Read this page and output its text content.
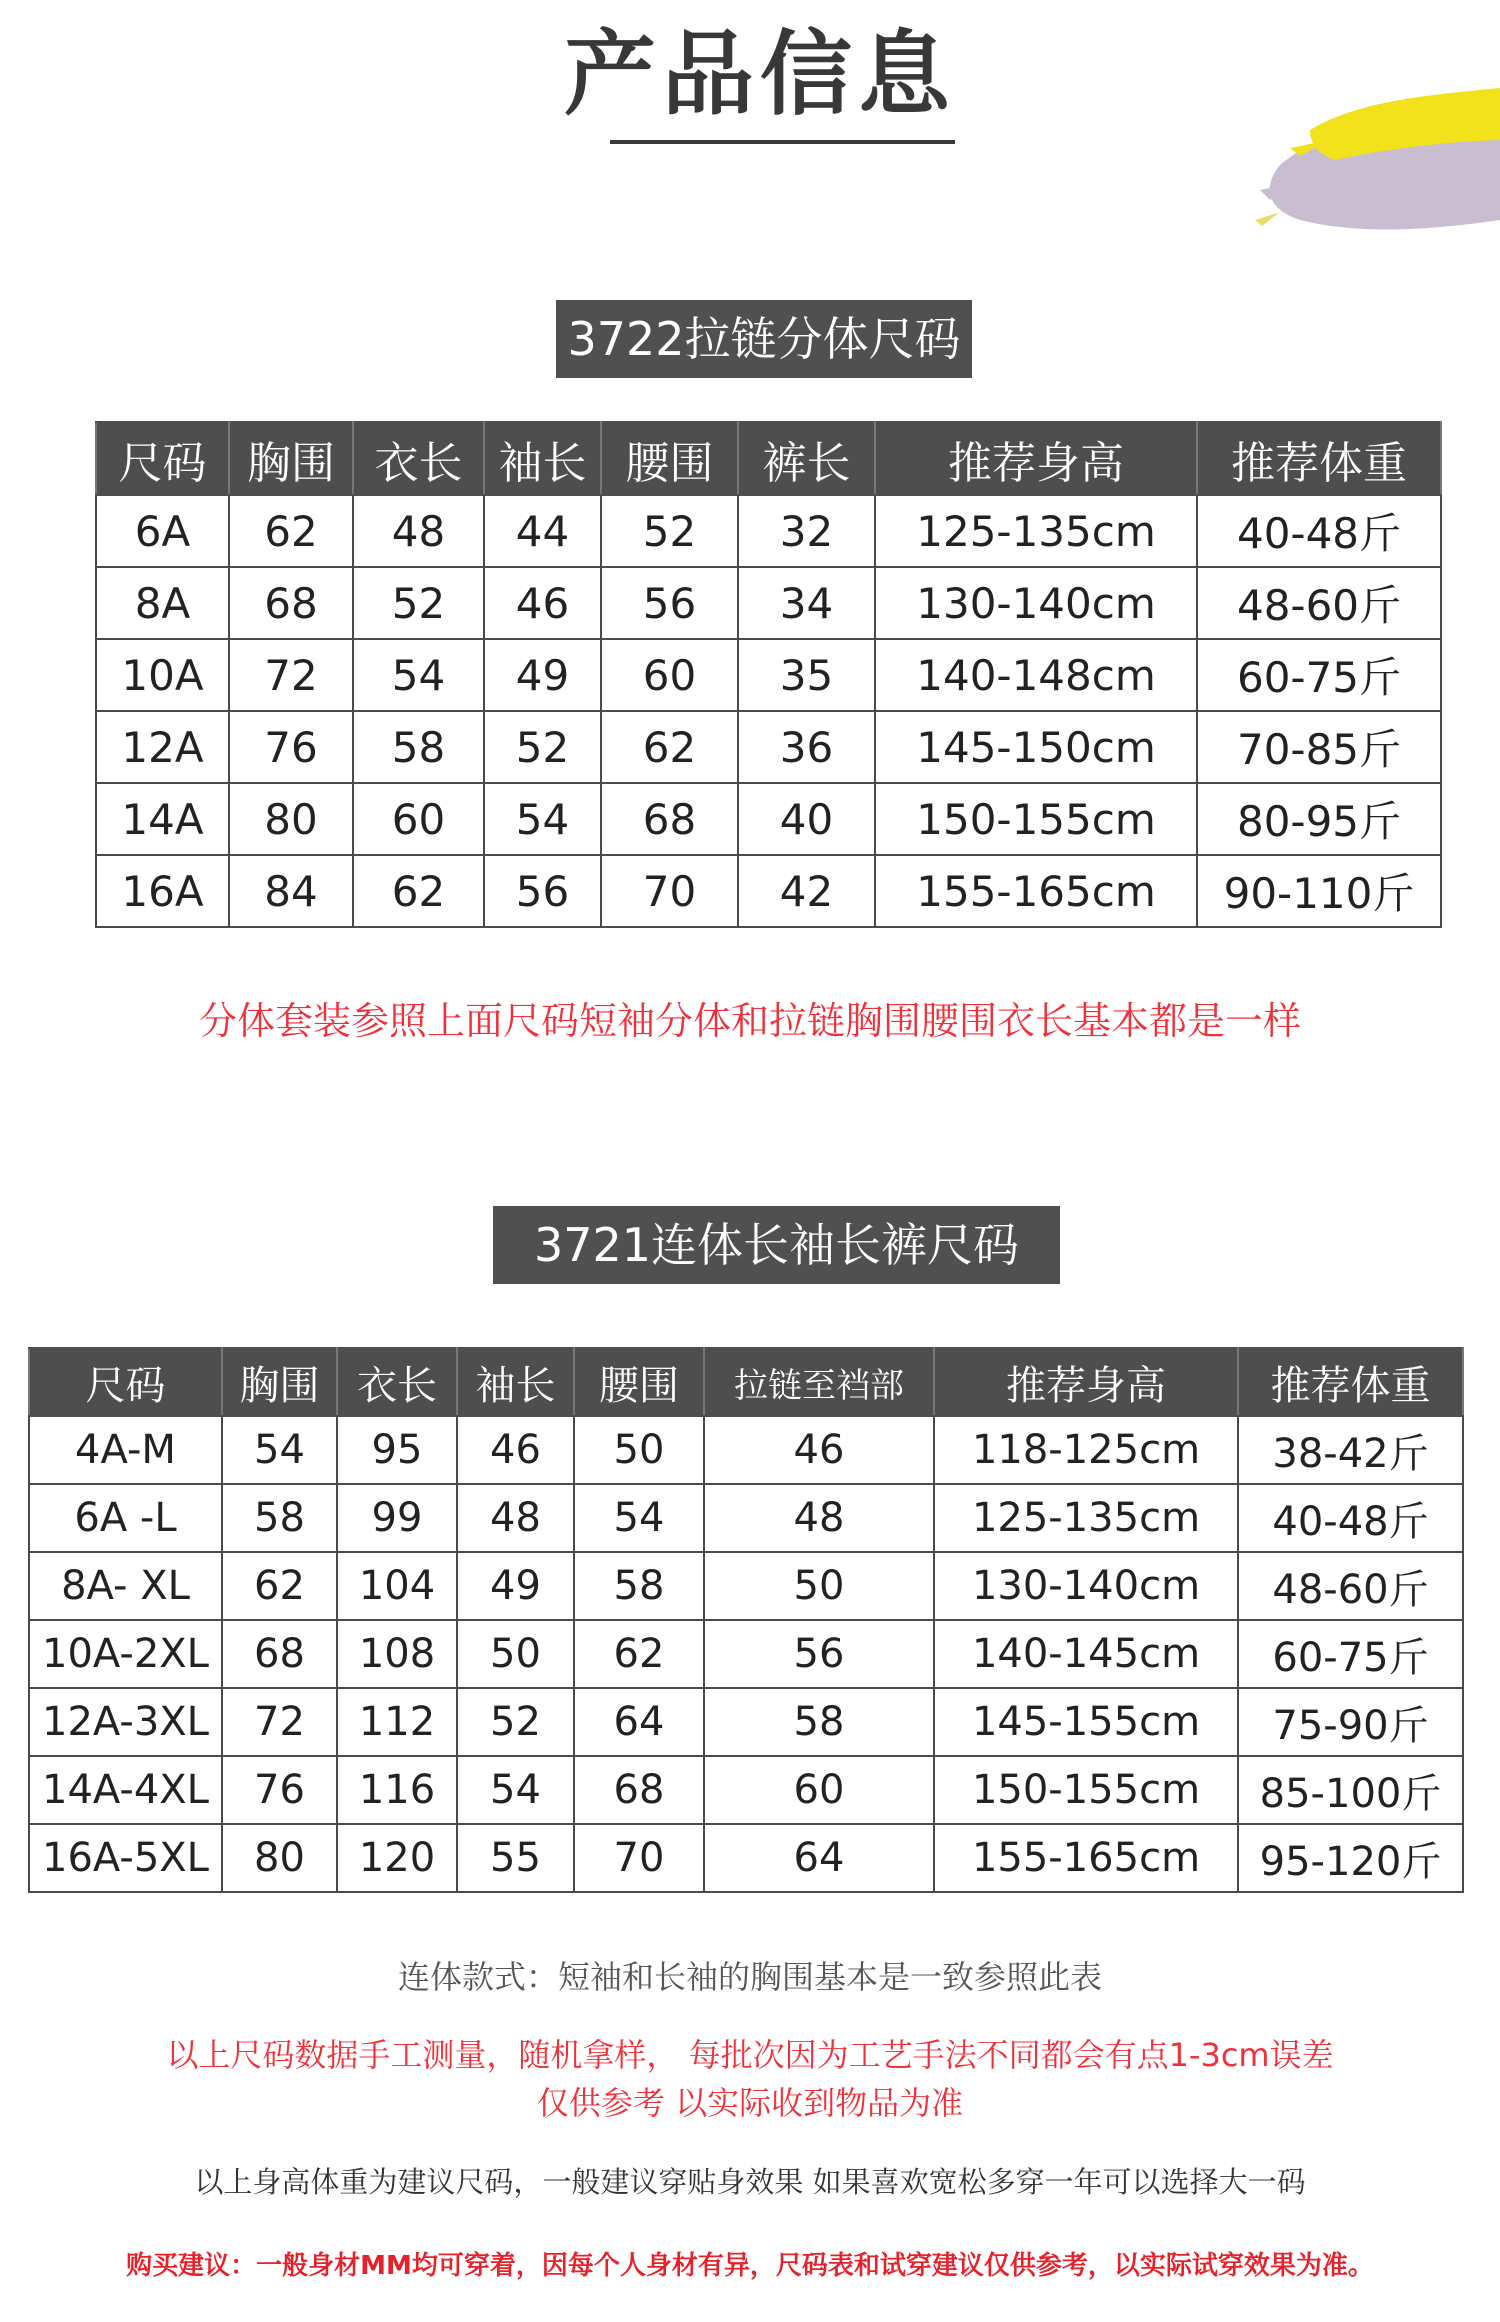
产品信息
3722拉链分体尺码
尺码	胸围	衣长	袖长	腰围	裤长	推荐身高	推荐体重
6A	62	48	44	52	32	125-135cm	40-48斤
8A	68	52	46	56	34	130-140cm	48-60斤
10A	72	54	49	60	35	140-148cm	60-75斤
12A	76	58	52	62	36	145-150cm	70-85斤
14A	80	60	54	68	40	150-155cm	80-95斤
16A	84	62	56	70	42	155-165cm	90-110斤
分体套装参照上面尺码短袖分体和拉链胸围腰围衣长基本都是一样
3721连体长袖长裤尺码
尺码	胸围	衣长	袖长	腰围	拉链至裆部	推荐身高	推荐体重
4A-M	54	95	46	50	46	118-125cm	38-42斤
6A -L	58	99	48	54	48	125-135cm	40-48斤
8A- XL	62	104	49	58	50	130-140cm	48-60斤
10A-2XL	68	108	50	62	56	140-145cm	60-75斤
12A-3XL	72	112	52	64	58	145-155cm	75-90斤
14A-4XL	76	116	54	68	60	150-155cm	85-100斤
16A-5XL	80	120	55	70	64	155-165cm	95-120斤
连体款式：短袖和长袖的胸围基本是一致参照此表
以上尺码数据手工测量，随机拿样， 每批次因为工艺手法不同都会有点1-3cm误差
仅供参考 以实际收到物品为准
以上身高体重为建议尺码，一般建议穿贴身效果 如果喜欢宽松多穿一年可以选择大一码
购买建议：一般身材MM均可穿着，因每个人身材有异，尺码表和试穿建议仅供参考，以实际试穿效果为准。
